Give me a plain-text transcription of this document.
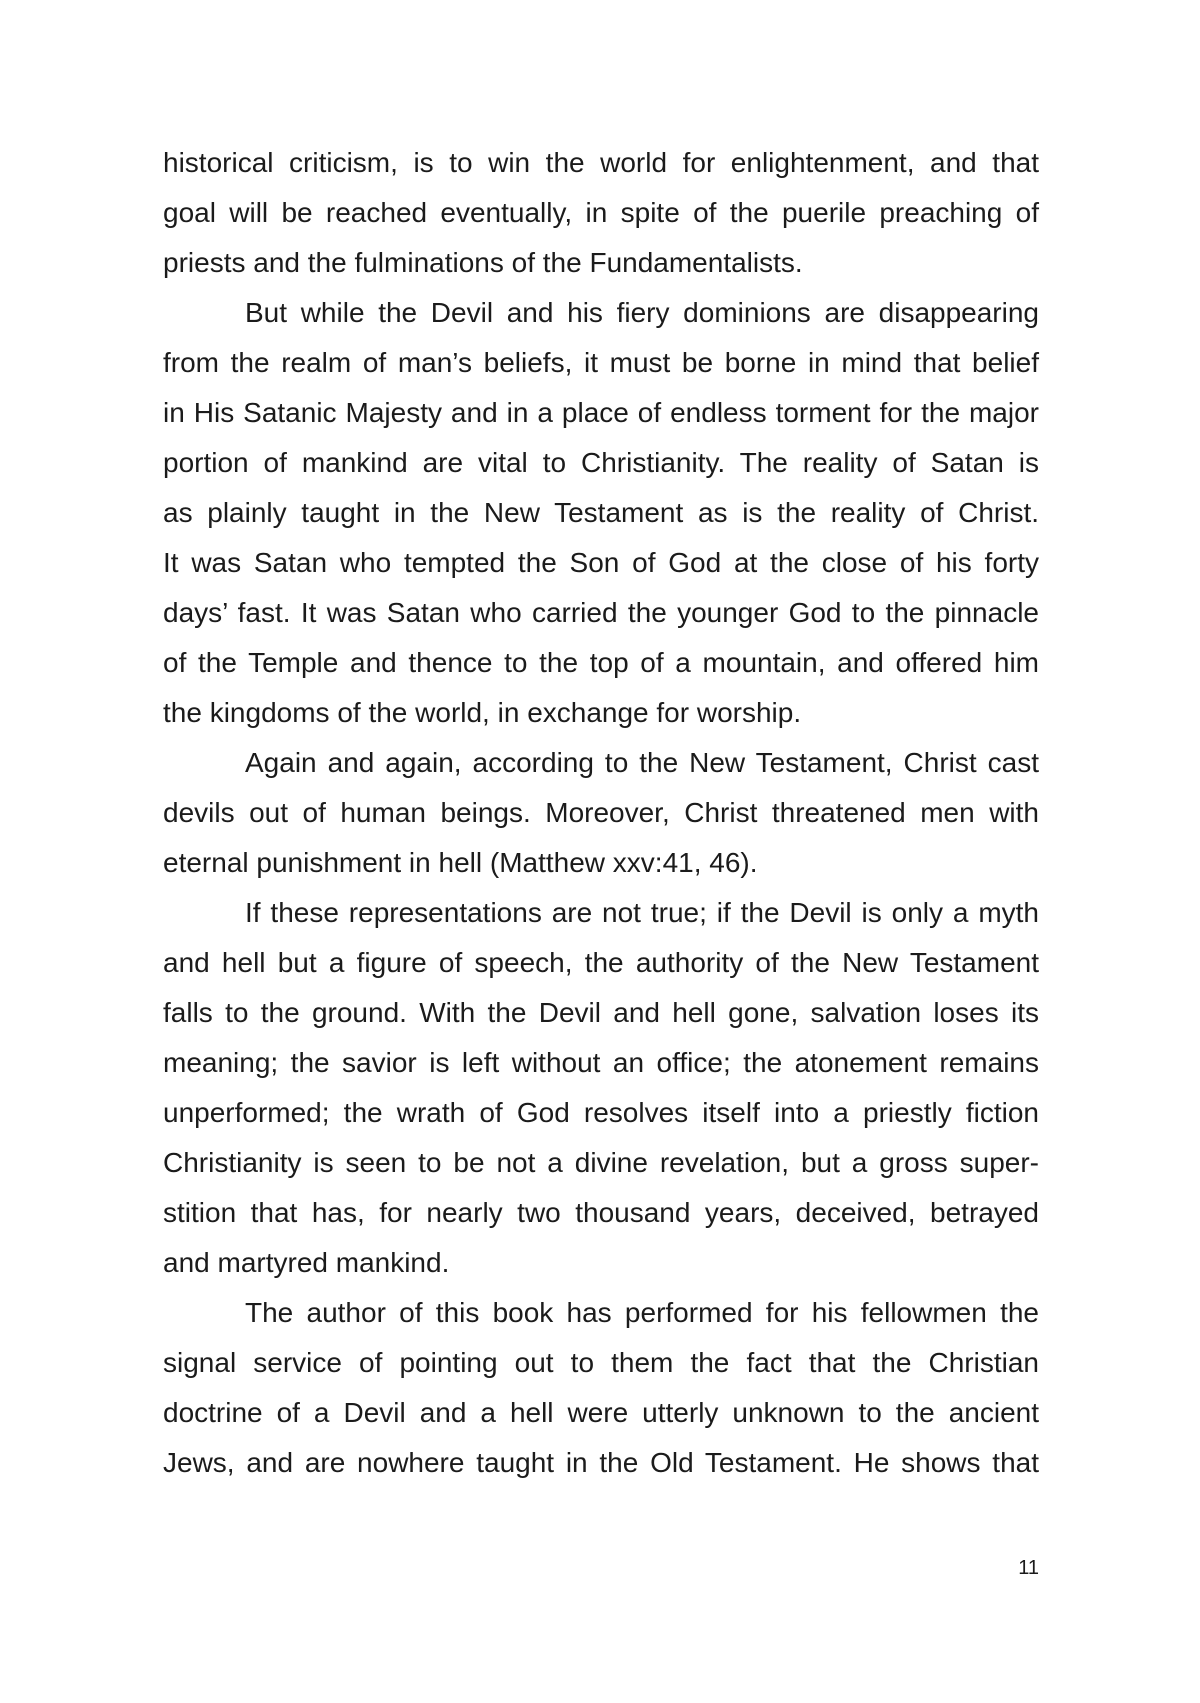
historical criticism, is to win the world for enlightenment, and that
goal will be reached eventually, in spite of the puerile preaching of
priests and the fulminations of the Fundamentalists.
But while the Devil and his fiery dominions are disappearing
from the realm of man’s beliefs, it must be borne in mind that belief
in His Satanic Majesty and in a place of endless torment for the major
portion of mankind are vital to Christianity. The reality of Satan is
as plainly taught in the New Testament as is the reality of Christ.
It was Satan who tempted the Son of God at the close of his forty
days’ fast. It was Satan who carried the younger God to the pinnacle
of the Temple and thence to the top of a mountain, and offered him
the kingdoms of the world, in exchange for worship.
Again and again, according to the New Testament, Christ cast
devils out of human beings. Moreover, Christ threatened men with
eternal punishment in hell (Matthew xxv:41, 46).
If these representations are not true; if the Devil is only a myth
and hell but a figure of speech, the authority of the New Testament
falls to the ground. With the Devil and hell gone, salvation loses its
meaning; the savior is left without an office; the atonement remains
unperformed; the wrath of God resolves itself into a priestly fiction
Christianity is seen to be not a divine revelation, but a gross super-
stition that has, for nearly two thousand years, deceived, betrayed
and martyred mankind.
The author of this book has performed for his fellowmen the
signal service of pointing out to them the fact that the Christian
doctrine of a Devil and a hell were utterly unknown to the ancient
Jews, and are nowhere taught in the Old Testament. He shows that
11
